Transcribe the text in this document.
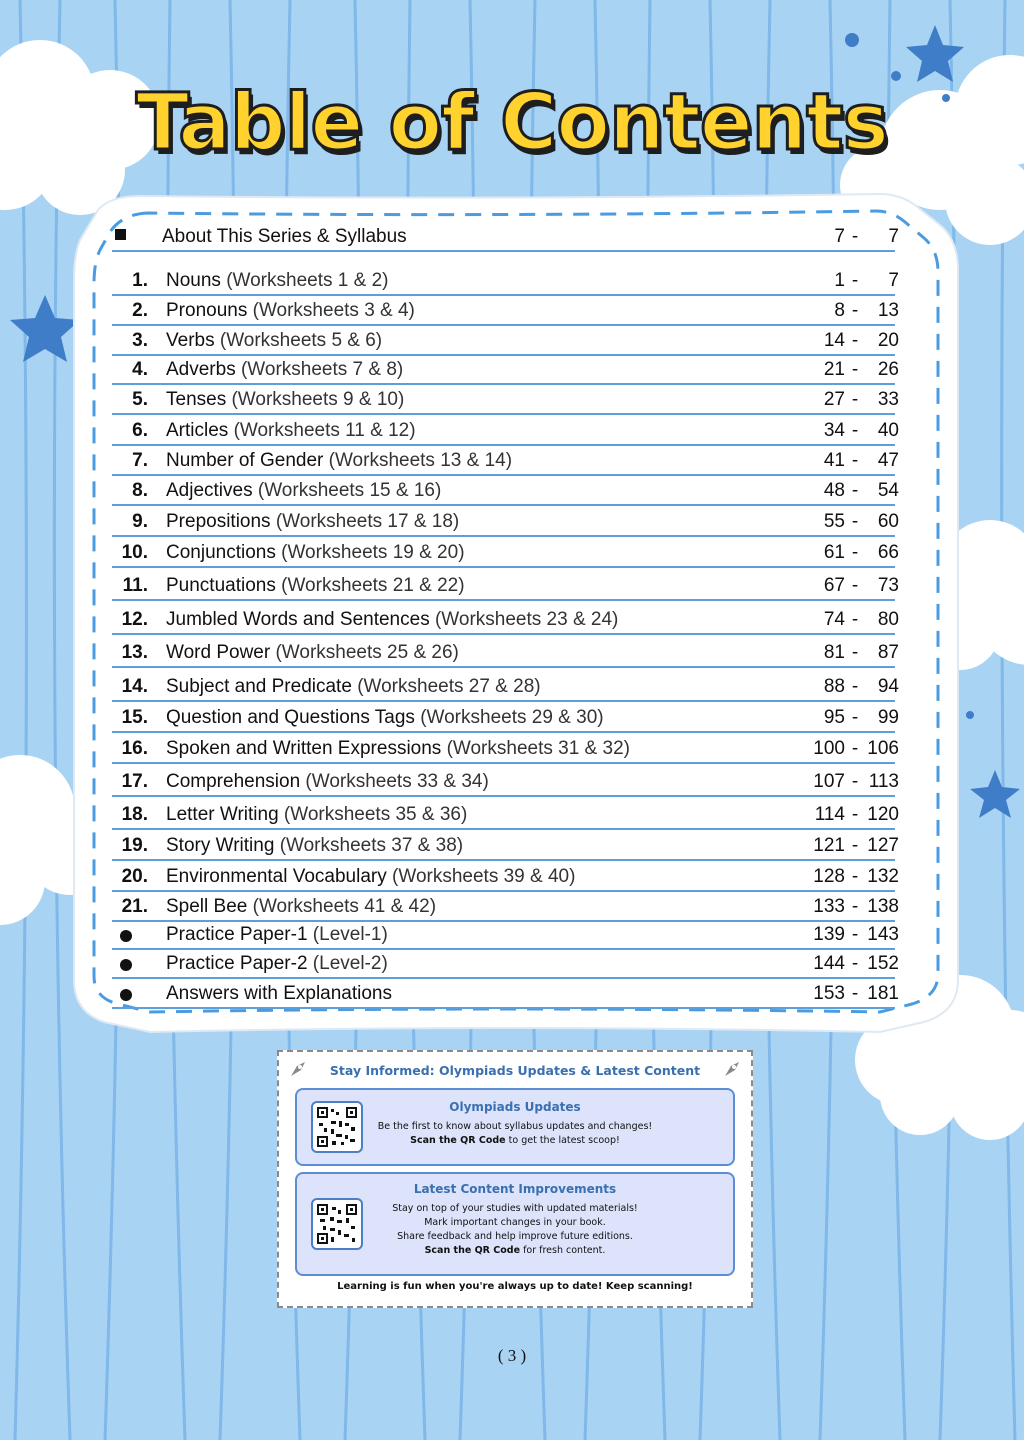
Table of Contents
About This Series & Syllabus	7 - 7
1. Nouns (Worksheets 1 & 2)	1 - 7
2. Pronouns (Worksheets 3 & 4)	8 - 13
3. Verbs (Worksheets 5 & 6)	14 - 20
4. Adverbs (Worksheets 7 & 8)	21 - 26
5. Tenses (Worksheets 9 & 10)	27 - 33
6. Articles (Worksheets 11 & 12)	34 - 40
7. Number of Gender (Worksheets 13 & 14)	41 - 47
8. Adjectives (Worksheets 15 & 16)	48 - 54
9. Prepositions (Worksheets 17 & 18)	55 - 60
10. Conjunctions (Worksheets 19 & 20)	61 - 66
11. Punctuations (Worksheets 21 & 22)	67 - 73
12. Jumbled Words and Sentences (Worksheets 23 & 24)	74 - 80
13. Word Power (Worksheets 25 & 26)	81 - 87
14. Subject and Predicate (Worksheets 27 & 28)	88 - 94
15. Question and Questions Tags (Worksheets 29 & 30)	95 - 99
16. Spoken and Written Expressions (Worksheets 31 & 32)	100 - 106
17. Comprehension (Worksheets 33 & 34)	107 - 113
18. Letter Writing (Worksheets 35 & 36)	114 - 120
19. Story Writing (Worksheets 37 & 38)	121 - 127
20. Environmental Vocabulary (Worksheets 39 & 40)	128 - 132
21. Spell Bee (Worksheets 41 & 42)	133 - 138
Practice Paper-1 (Level-1)	139 - 143
Practice Paper-2 (Level-2)	144 - 152
Answers with Explanations	153 - 181
Stay Informed: Olympiads Updates & Latest Content
Olympiads Updates
Be the first to know about syllabus updates and changes!
Scan the QR Code to get the latest scoop!
Latest Content Improvements
Stay on top of your studies with updated materials!
Mark important changes in your book.
Share feedback and help improve future editions.
Scan the QR Code for fresh content.
Learning is fun when you're always up to date! Keep scanning!
( 3 )
